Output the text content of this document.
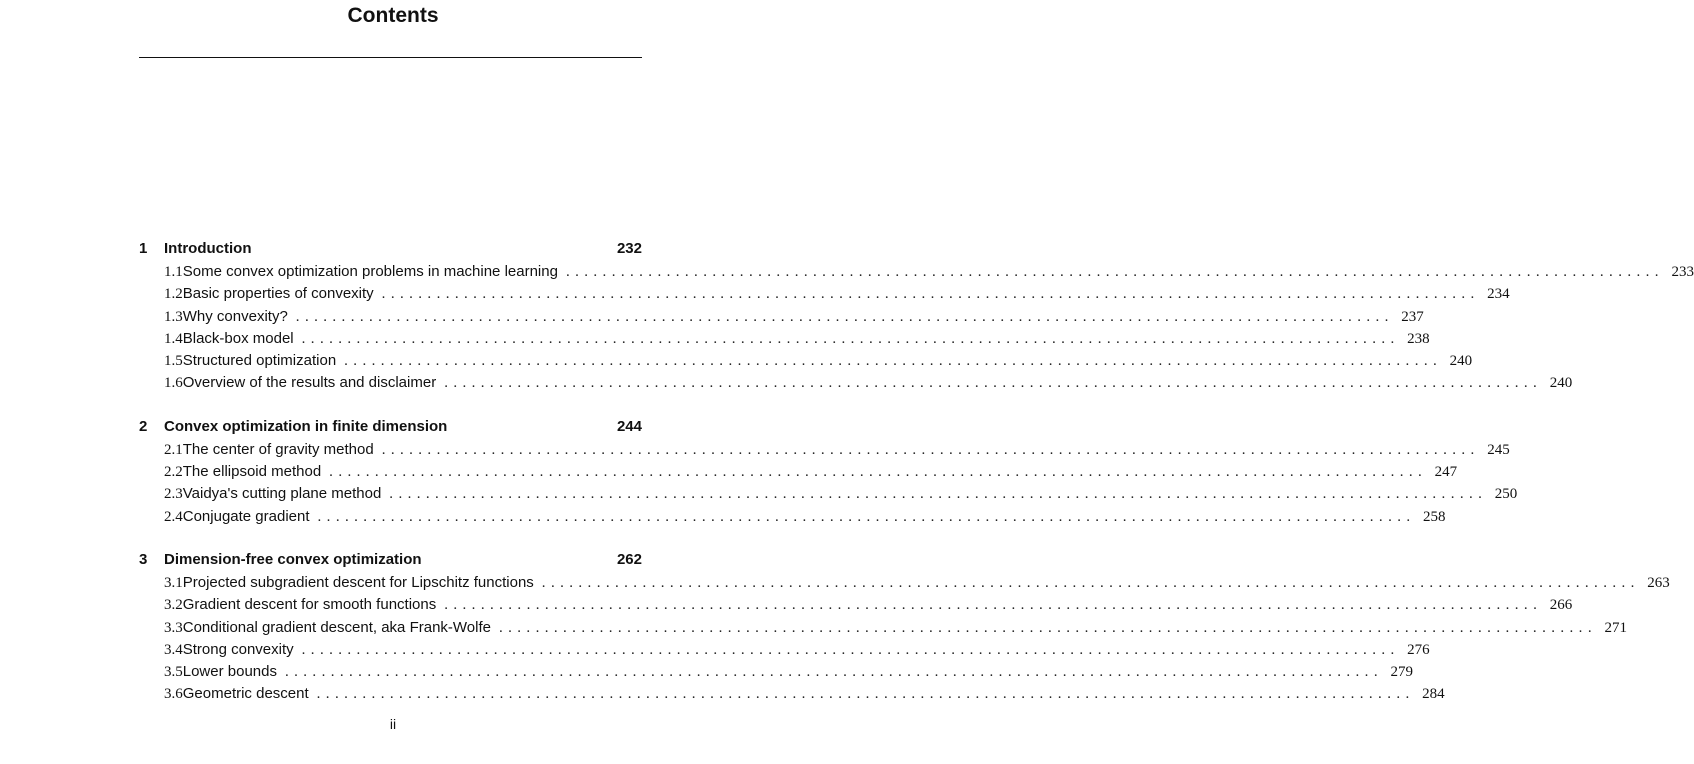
Contents
1	Introduction	232
1.1 Some convex optimization problems in machine learning ........................................................................................................................ 233
1.2 Basic properties of convexity ........................................................................................................................ 234
1.3 Why convexity? ........................................................................................................................ 237
1.4 Black-box model ........................................................................................................................ 238
1.5 Structured optimization ........................................................................................................................ 240
1.6 Overview of the results and disclaimer ........................................................................................................................ 240
2	Convex optimization in finite dimension	244
2.1 The center of gravity method ........................................................................................................................ 245
2.2 The ellipsoid method ........................................................................................................................ 247
2.3 Vaidya's cutting plane method ........................................................................................................................ 250
2.4 Conjugate gradient ........................................................................................................................ 258
3	Dimension-free convex optimization	262
3.1 Projected subgradient descent for Lipschitz functions ........................................................................................................................ 263
3.2 Gradient descent for smooth functions ........................................................................................................................ 266
3.3 Conditional gradient descent, aka Frank-Wolfe ........................................................................................................................ 271
3.4 Strong convexity ........................................................................................................................ 276
3.5 Lower bounds ........................................................................................................................ 279
3.6 Geometric descent ........................................................................................................................ 284
ii
